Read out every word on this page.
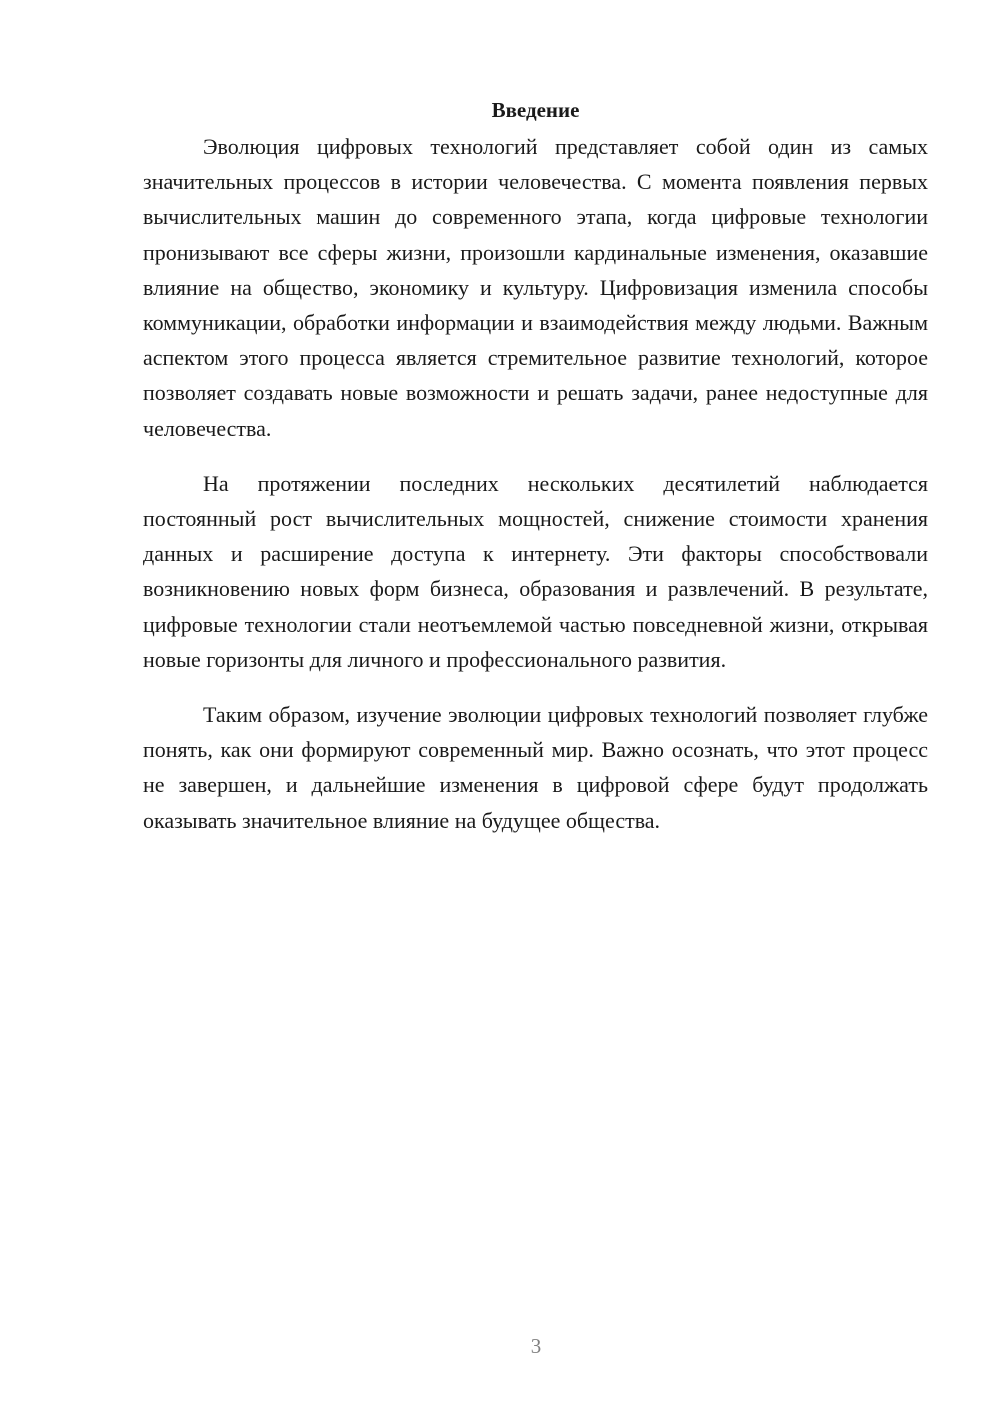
Введение

Эволюция цифровых технологий представляет собой один из самых значительных процессов в истории человечества. С момента появления первых вычислительных машин до современного этапа, когда цифровые технологии пронизывают все сферы жизни, произошли кардинальные изменения, оказавшие влияние на общество, экономику и культуру. Цифровизация изменила способы коммуникации, обработки информации и взаимодействия между людьми. Важным аспектом этого процесса является стремительное развитие технологий, которое позволяет создавать новые возможности и решать задачи, ранее недоступные для человечества.

На протяжении последних нескольких десятилетий наблюдается постоянный рост вычислительных мощностей, снижение стоимости хранения данных и расширение доступа к интернету. Эти факторы способствовали возникновению новых форм бизнеса, образования и развлечений. В результате, цифровые технологии стали неотъемлемой частью повседневной жизни, открывая новые горизонты для личного и профессионального развития.

Таким образом, изучение эволюции цифровых технологий позволяет глубже понять, как они формируют современный мир. Важно осознать, что этот процесс не завершен, и дальнейшие изменения в цифровой сфере будут продолжать оказывать значительное влияние на будущее общества.

3
